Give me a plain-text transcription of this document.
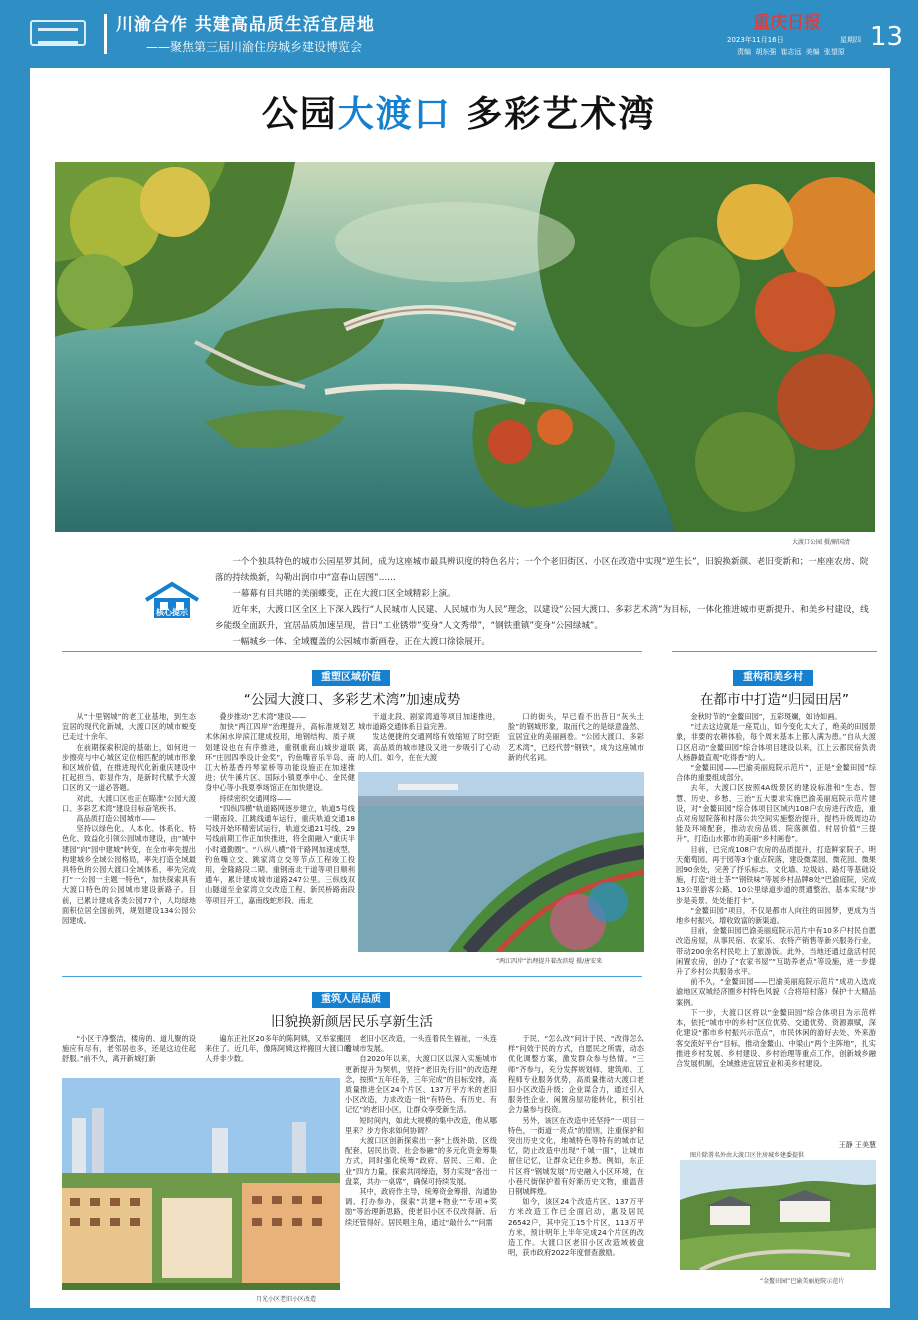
川渝合作 共建高品质生活宜居地
——聚焦第三届川渝住房城乡建设博览会
重庆日报
2023年11月16日	星期四
责编 胡东强 崔志远 美编 张望原 13
公园大渡口 多彩艺术湾
大渡口公园 摄/解国清
核心提示

一个个独具特色的城市公园星罗其间，成为这座城市最具辨识度的特色名片；一个个老旧街区、小区在改造中实现“逆生长”，旧貌换新颜、老旧变新和；一座座农房、院落的持续焕新，勾勒出润巾中“富春山居图”……

一幕幕有目共睹的美丽蝶变，正在大渡口区全域精彩上演。

近年来，大渡口区全区上下深入践行“人民城市人民建、人民城市为人民”理念，以建设“公园大渡口、多彩艺术湾”为目标，一体化推进城市更新提升、和美乡村建设，线乡能级全面跃升，宜居品质加速呈现，昔日“工业锈带”变身“人文秀带”，“钢铁重镇”变身“公园绿城”。

一幅城乡一体、全域覆盖的公园城市新画卷，正在大渡口徐徐展开。

重塑区域价值
“公园大渡口、多彩艺术湾”加速成势

从“十里钢城”的老工业基地，到生态宜居的现代化新城，大渡口区的城市蜕变已走过十余年。

在前期探索积淀的基础上，如何进一步擦亮与中心城区定位相匹配的城市形象和区域价值，在推进现代化新重庆建设中扛起担当、彰显作为，是新时代赋予大渡口区的又一道必答题。

对此，大渡口区也正在瞄准“公园大渡口、多彩艺术湾”建设目标奋笔疾书。

高品质打造公园城市——

坚持以绿色化、人本化、体系化、特色化、致益化引领公园城市建设，由“城中建园”向“园中建城”转变，在全市率先提出构建城乡全域公园格局，率先打造全域最具特色的公园大渡口全域体系，率先完成打“一公园一主题一特色”，加快探索具有大渡口特色的公园城市建设新路子。目前，已累计建成各类公园77个，人均绿地面积位居全国前列，规划建设134公园公园建成。

叠步推动“艺术湾”建设——

加快“两江四岸”治理提升，高标准规划艺术休闲水岸滨江建成投用，地钢结构、质子规划建设也在有序推进，重钢重商山城步道联环“庄园四季设计金奖”，钓鱼嘴音乐半岛、南江大桥基香丹琴家桥等功能设施正在加速推进；伏牛溪片区、国际小镇夏季中心、金民健身中心等小我夏季场馆正在加快建设。

持续密织交通网络——

“四纵四横”轨道路网逐步建立，轨道5号线一期南段、江跳线通车运行，重庆轨道交通18号线开始环精密试运行，轨道交通21号线、29号线前期工作正加快推进，将全面融入“重庆半小时通勤圈”。“八纵八横”骨干路网加速成型，钓鱼嘴立交、跳家湾立交等节点工程竣工投用，金隆路段二期、重钢南北干道等项目顺利通车，累计建成城市道路247公里。三纵线双山隧道至金家湾立交改造工程、新民桥路南段等项目开工，嘉南线蛇形段、南北

干道北段、剧家湾道等项目加速推进，城市道路交通体系日益完善。

发达便捷的交通网络有效缩短了时空距离，高品质的城市建设又进一步吸引了心动的人们。如今，在在大渡

口的街头，早已看不出昔日“灰头土脸”的钢城形象，取而代之的是绿意盎然、宜居宜业的美丽画卷。“公园大渡口、多彩艺术湾”，已经代替“钢铁”，成为这座城市新的代名词。

“两江四岸”治理提升着改滨堤 摄/唐安来
重筑人居品质
旧貌换新颜居民乐享新生活

“小区干净整洁，楼房的、道儿聚的设施应有尽有，老邻居也多，还是这边住起舒服。”前不久，离开新城打新

遍东正社区20多年的陈阿姨，又举家搬回来住了。近几年，像陈阿姨这样搬回大渡口的人并非少数。

月光小区老旧小区改造

老旧小区改造，一头连着民生福祉，一头连着城市发展。

自2020年以来，大渡口区以深入实施城市更新提升为契机，坚持“老旧先行旧”的改造理念，按照“五年任务，三年完成”的目标安排，高质量推进全区24个片区、137万平方米的老旧小区改造，力求改造一批“有特色、有历史、有记忆”的老旧小区，让群众享受新生活。

短时间内，如此大规模的集中改造，他从哪里来？步方你求如何协调？

大渡口区创新探索出一套“上级补助、区级配套、居民出资、社会参融”的多元化资金筹集方式，同时强化统筹“政府、居民、三师、企业”四方力量，探索共同缔造，努力实现“各出一盘菜，共办一桌席”，确保可持续发展。

其中，政府作主导，统筹资金筹措、沟通协调、打办参办，探索“共建+物业”“专项+奖励”等治理新思路，使老旧小区不仅改得新、后续还管得好。居民唱主角，通过“敲什么”“问需

于民、“怎么改”问计于民、“改得怎么样”问效于民的方式，自愿民之所需，动态优化调整方案，激发群众参与热情。“三师”齐参与，充分发挥规划师、建筑师、工程师专业服务优势，高质量推动大渡口老旧小区改造升级；企业谋合力，通过引入服务性企业、闲置房屋功能转化，积引社会力量参与投资。

另外，该区在改造中还坚持“一项目一特色，一街道一亮点”的原则，注重保护和突出历史文化，地城特色等特有的城市记忆，防止改造中出现“千城一面”，让城市留住记忆，让群众记住乡愁。例如，东正片区将“钢城发展”历史融入小区环境，在小巷尺街保护着有好渐历史文物，重温昔日钢城辉煌。

如今，该区24个改造片区、137万平方米改造工作已全面启动，惠及居民26542户，其中完工15个片区，113万平方米，预计明年上半年完成24个片区的改造工作。大渡口区老旧小区改造域被盘明，获市政府2022年度督查激励。

重构和美乡村
在都市中打造“归园田居”

金秋时节的“金鳌田园”，五彩斑斓，如诗如画。

“过去这边就是一座荒山，如今变化太大了，绝美的田园景象，非要的农耕体验，每个周末基本上都人满为患。”自从大渡口区启动“金鳌田园”综合体项目建设以来，江上云都民宿负责人杨静最直观“吃得香”的人。

“金鳌田园——巴渝美丽庭院示范片”，正是“金鳌田园”综合体的重要组成部分。

去年，大渡口区按照4A级景区的建设标准和“生态、智慧、历史、乡愁、三治”五大要求实施巴渝美丽庭院示范片建设，对“金鳌田园”综合体项目区域内108户农房进行改造，重点对房屋院落和村落公共空间实施整治提升，提档升级周边功能及环境配套，推动农房品质、院落颜值、村居价值“三提升”，打造山水都市的美丽“乡村画卷”。

目前，已完成108户农房的品质提升，打造鲜家院子、明天葡萄园、再于园等3个重点院落，建设微菜园、微花园、微果园90余处，完善了抒乐标志、文化墙、垃圾站、路灯等基础设施，打造“进士茶”“钢铁味”等展乡村品牌8处“巴渝庭院，完成13公里游客公路、10公里绿道步道的贯通整治，基本实现“步步是美景、处处能打卡”。

“金鳌田园”项目，不仅是都市人向往的田园梦，更成为当地乡村振兴、增收致富的新渠道。

目前，金鳌田园巴渝美丽庭院示范片中有10多户村民自愿改造房屋，从事民宿、农家乐、农特产销售等新兴服务行业，带动200余名村民吃上了旅游饭。此外，当地还通过盘活村民闲置农房，创办了“农家书屋”“互助养老点”等设施，进一步提升了乡村公共服务水平。

前不久，“金鳌田园——巴渝美丽庭院示范片”成功入选成渝地区双城经济圈乡村特色风貌（合将培村落）保护十大精品案例。

下一步，大渡口区将以“金鳌田园”综合体项目为示范样本，依托“城市中的乡村”区位优势、交通优势、资源禀赋，深化建设“都市乡村振兴示范点”，市民休闲的游好去处、外来游客交流好平台”目标，推动金鳌山、中梁山“两个主阵地”，扎实推进乡村发展、乡村建设、乡村治理等重点工作，创新城乡融合发展机制，全域推进宜居宜业和美乡村建设。

王静 王美慧
图片除署名外由大渡口区住房城乡建委提供
“金鳌田园”巴渝美丽庭院示范片
